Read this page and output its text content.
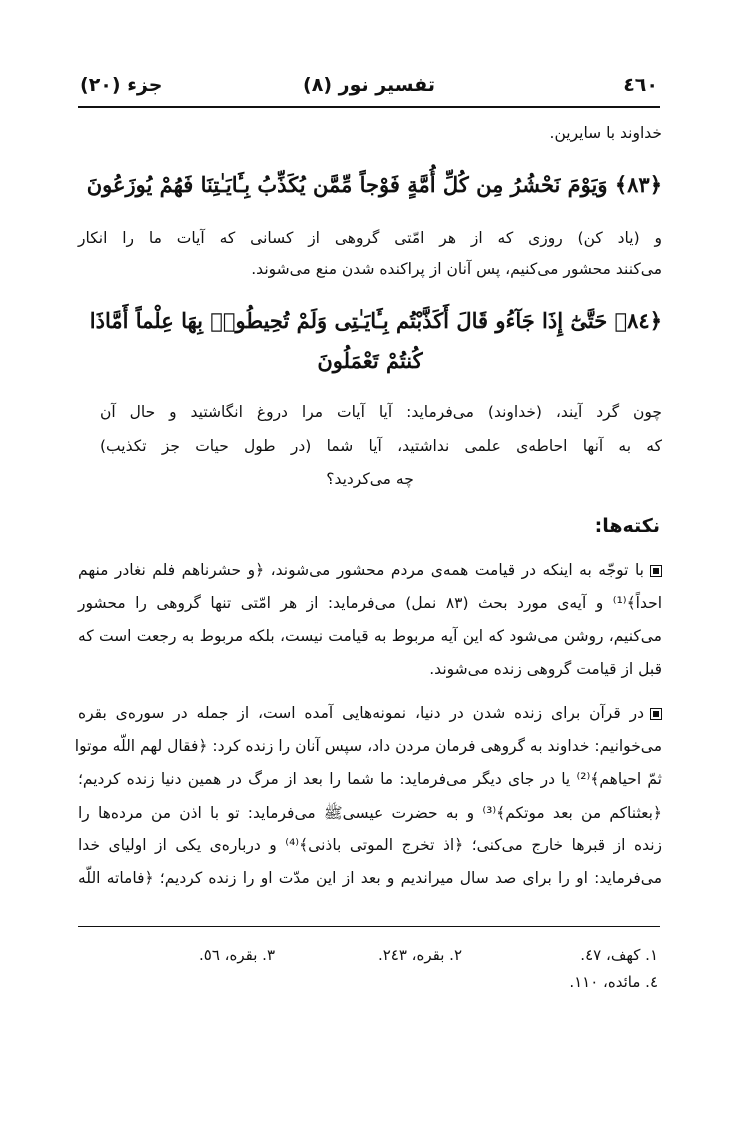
٤٦٠
تفسیر نور (٨)
جزء (٢٠)
خداوند با سایرین.
﴿٨٣﴾ وَيَوْمَ نَحْشُرُ مِن كُلِّ أُمَّةٍ فَوْجاً مِّمَّن يُكَذِّبُ بِـَٔايَـٰتِنَا فَهُمْ يُوزَعُونَ
و (یاد کن) روزی که از هر امّتی گروهی از کسانی که آیات ما را انکار
می‌کنند محشور می‌کنیم، پس آنان از پراکنده شدن منع می‌شوند.
﴿٨٤﴾ حَتَّىٰٓ إِذَا جَآءُو قَالَ أَكَذَّبْتُم بِـَٔايَـٰتِى وَلَمْ تُحِيطُوا۟ بِهَا عِلْماً أَمَّاذَا
كُنتُمْ تَعْمَلُونَ
چون گرد آیند، (خداوند) می‌فرماید: آیا آیات مرا دروغ انگاشتید و حال آن
که به آنها احاطه‌ی علمی نداشتید، آیا شما (در طول حیات جز تکذیب)
چه می‌کردید؟
نکته‌ها:
با توجّه به اینکه در قیامت همه‌ی مردم محشور می‌شوند، ﴿و حشرناهم فلم نغادر منهم
احداً﴾⁽¹⁾ و آیه‌ی مورد بحث (٨٣ نمل) می‌فرماید: از هر امّتی تنها گروهی را محشور
می‌کنیم، روشن می‌شود که این آیه مربوط به قیامت نیست، بلکه مربوط به رجعت است که
قبل از قیامت گروهی زنده می‌شوند.
در قرآن برای زنده شدن در دنیا، نمونه‌هایی آمده است، از جمله در سوره‌ی بقره
می‌خوانیم: خداوند به گروهی فرمان مردن داد، سپس آنان را زنده کرد: ﴿فقال لهم اللّه موتوا
ثمّ احیاهم﴾⁽²⁾ یا در جای دیگر می‌فرماید: ما شما را بعد از مرگ در همین دنیا زنده کردیم؛
﴿بعثناکم من بعد موتکم﴾⁽³⁾ و به حضرت عیسیﷺ می‌فرماید: تو با اذن من مرده‌ها را
زنده از قبرها خارج می‌کنی؛ ﴿اذ تخرج الموتی باذنی﴾⁽⁴⁾ و درباره‌ی یکی از اولیای خدا
می‌فرماید: او را برای صد سال میراندیم و بعد از این مدّت او را زنده کردیم؛ ﴿فاماته اللّه
١. کهف، ٤٧.
٢. بقره، ٢٤٣.
٣. بقره، ٥٦.
٤. مائده، ١١٠.
